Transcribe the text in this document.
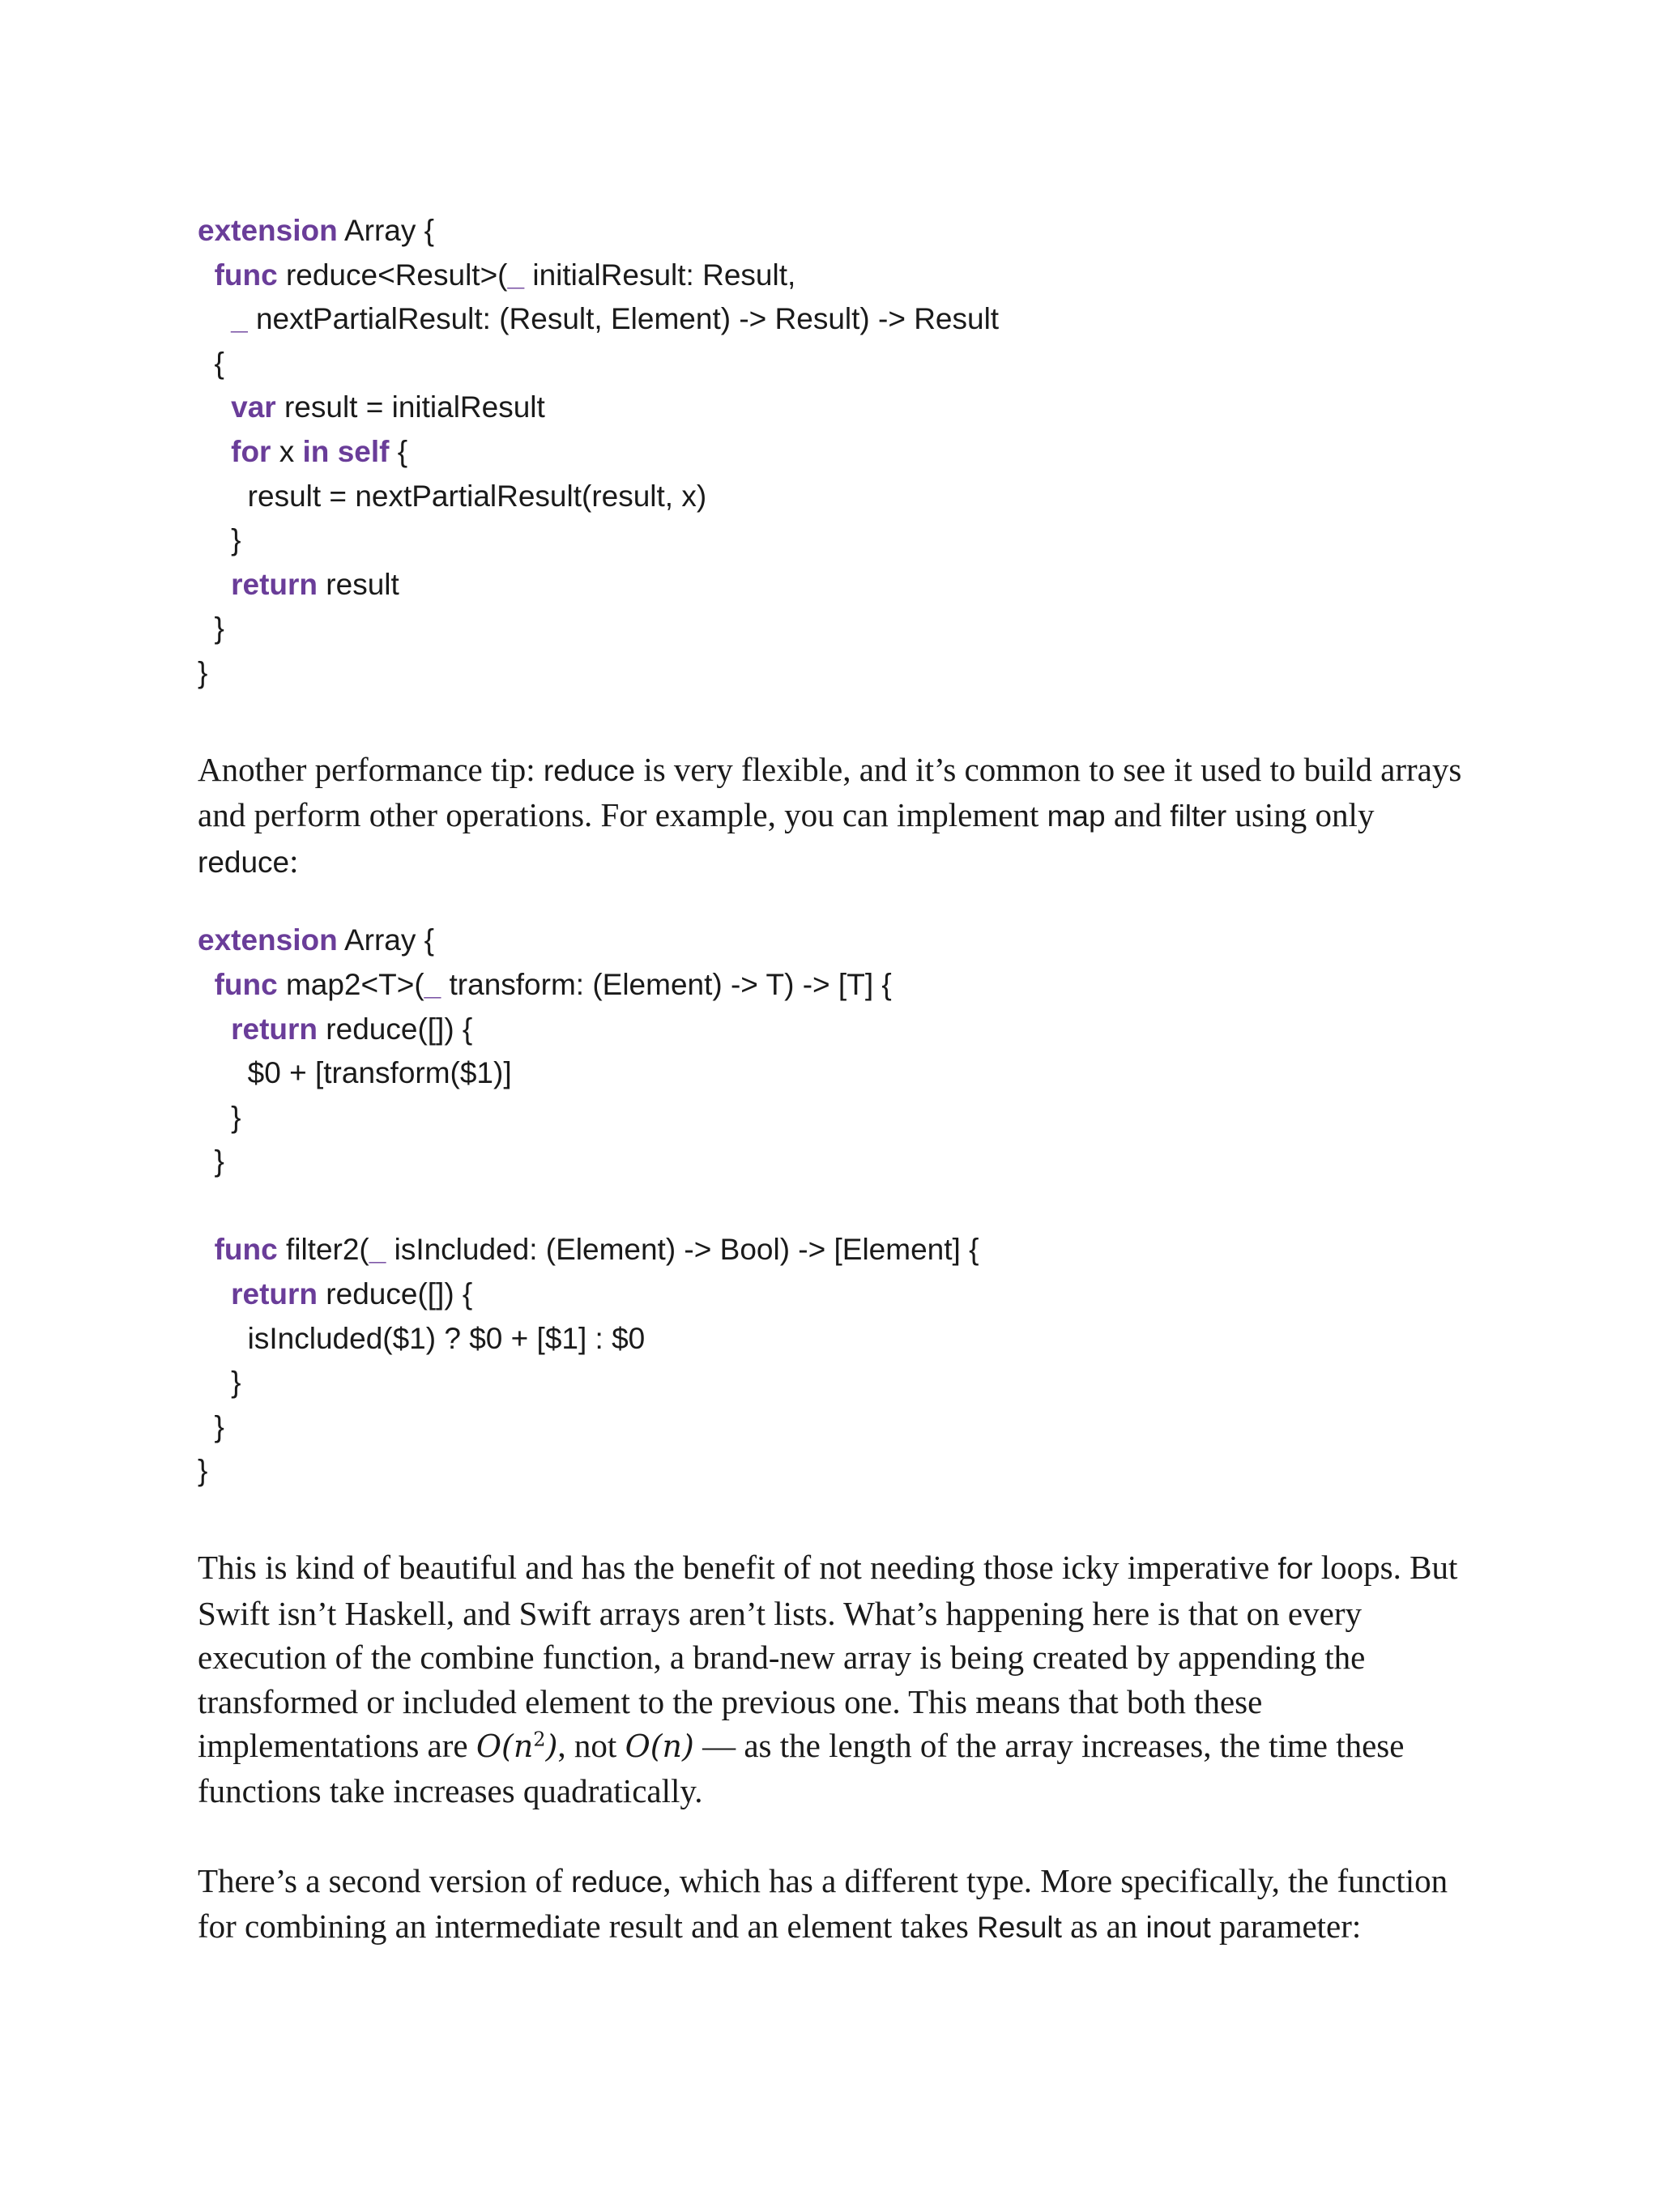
extension Array {
func reduce<Result>(_ initialResult: Result,
_ nextPartialResult: (Result, Element) -> Result) -> Result
{
var result = initialResult
for x in self {
result = nextPartialResult(result, x)
}
return result
}
}

Another performance tip: reduce is very flexible, and it’s common to see it used to build arrays and perform other operations. For example, you can implement map and filter using only reduce:

extension Array {
func map2<T>(_ transform: (Element) -> T) -> [T] {
return reduce([]) {
$0 + [transform($1)]
}
}
func filter2(_ isIncluded: (Element) -> Bool) -> [Element] {
return reduce([]) {
isIncluded($1) ? $0 + [$1] : $0
}
}
}

This is kind of beautiful and has the benefit of not needing those icky imperative for loops. But Swift isn’t Haskell, and Swift arrays aren’t lists. What’s happening here is that on every execution of the combine function, a brand-new array is being created by appending the transformed or included element to the previous one. This means that both these implementations are $O(n^2)$, not O(n) — as the length of the array increases, the time these functions take increases quadratically.

There’s a second version of reduce, which has a different type. More specifically, the function for combining an intermediate result and an element takes Result as an inout parameter:
